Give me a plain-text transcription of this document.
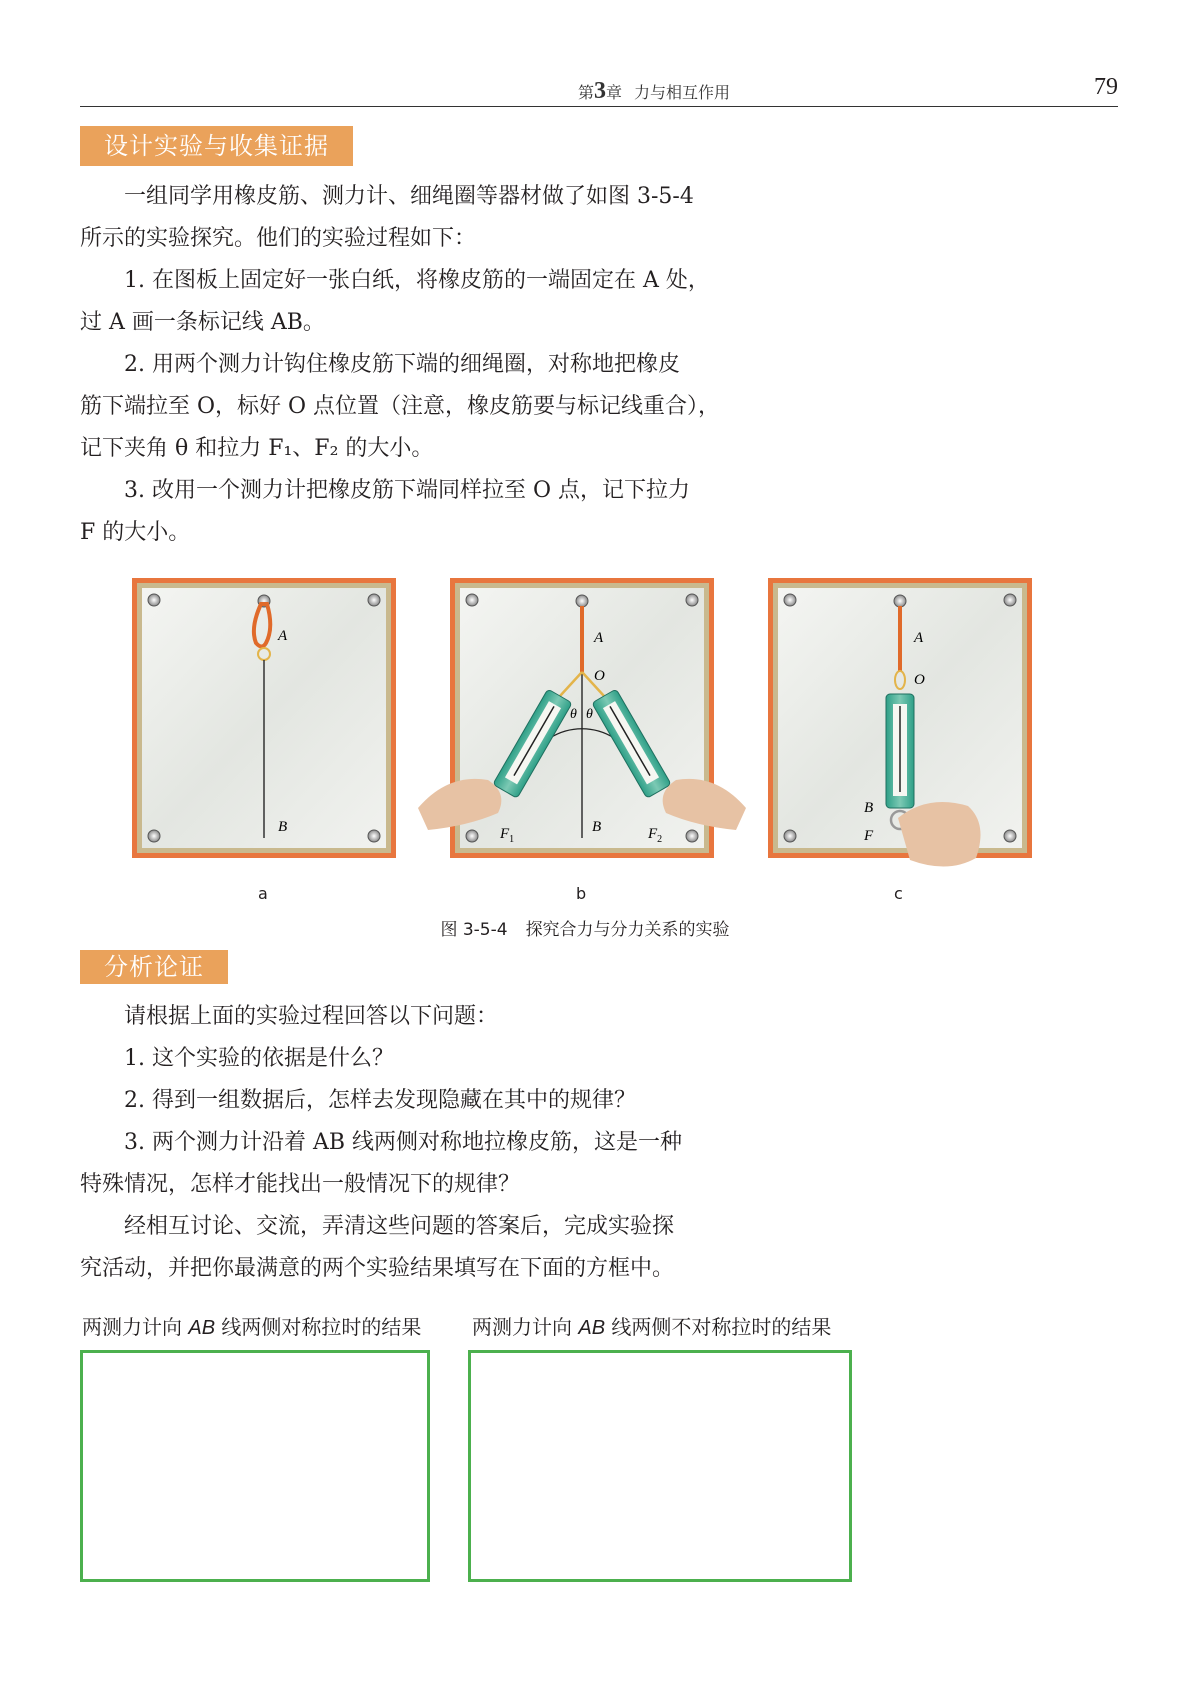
第3章 力与相互作用	79
设计实验与收集证据

一组同学用橡皮筋、测力计、细绳圈等器材做了如图 3-5-4
所示的实验探究。他们的实验过程如下：

1. 在图板上固定好一张白纸，将橡皮筋的一端固定在 A 处，
过 A 画一条标记线 AB。

2. 用两个测力计钩住橡皮筋下端的细绳圈，对称地把橡皮
筋下端拉至 O，标好 O 点位置（注意，橡皮筋要与标记线重合），
记下夹角 θ 和拉力 F₁、F₂ 的大小。

3. 改用一个测力计把橡皮筋下端同样拉至 O 点，记下拉力
F 的大小。

A
B
A
O
θ θ
B
$F_1$	$F_2$
A
O
B
F
a	b	c
图 3-5-4 探究合力与分力关系的实验
分析论证

请根据上面的实验过程回答以下问题：
1. 这个实验的依据是什么？
2. 得到一组数据后，怎样去发现隐藏在其中的规律？
3. 两个测力计沿着 AB 线两侧对称地拉橡皮筋，这是一种
特殊情况，怎样才能找出一般情况下的规律？
经相互讨论、交流，弄清这些问题的答案后，完成实验探
究活动，并把你最满意的两个实验结果填写在下面的方框中。

两测力计向 AB 线两侧对称拉时的结果	两测力计向 AB 线两侧不对称拉时的结果
